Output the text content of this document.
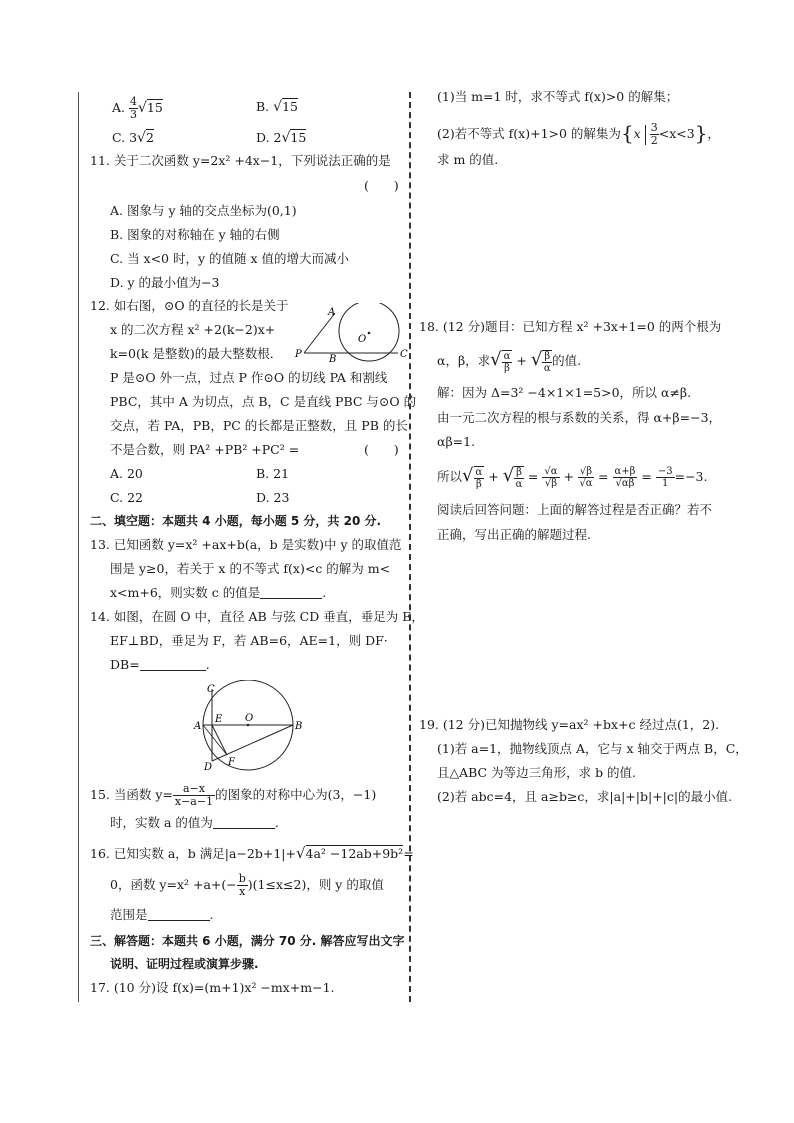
A. $\frac{4}{3} √15$	B. √15
C. 3√2	D. 2√15
11. 关于二次函数 y=2x² +4x−1，下列说法正确的是
(　　)
A. 图象与 y 轴的交点坐标为(0,1)
B. 图象的对称轴在 y 轴的右侧
C. 当 x<0 时，y 的值随 x 值的增大而减小
D. y 的最小值为−3
12. 如右图，⊙O 的直径的长是关于
x 的二次方程 x² +2(k−2)x+
k=0(k 是整数)的最大整数根．
P 是⊙O 外一点，过点 P 作⊙O 的切线 PA 和割线
PBC，其中 A 为切点，点 B，C 是直线 PBC 与⊙O 的
交点，若 PA，PB，PC 的长都是正整数，且 PB 的长
不是合数，则 PA² +PB² +PC² =	(　　)
A. 20	B. 21
C. 22	D. 23
A
O
P	B	C
二、填空题：本题共 4 小题，每小题 5 分，共 20 分.
13. 已知函数 y=x² +ax+b(a，b 是实数)中 y 的取值范
围是 y≥0，若关于 x 的不等式 f(x)<c 的解为 m<
x<m+6，则实数 c 的值是	.
14. 如图，在圆 O 中，直径 AB 与弦 CD 垂直，垂足为 E，
EF⊥BD，垂足为 F，若 AB=6，AE=1，则 DF·
DB=	.
C
A
E O
B
D F
15. 当函数 $y= \frac{a-x}{x-a-1}$ 的图象的对称中心为(3，−1)
时，实数 a 的值为	.
16. 已知实数 a，b 满足|a−2b+1|+√4a² −12ab+9b²=
0，函数 $y=x^2 +a+(- \frac{b}{x} )(1\le x\le 2)$，则 y 的取值
范围是	.
三、解答题：本题共 6 小题，满分 70 分. 解答应写出文字
说明、证明过程或演算步骤.
17. (10 分)设 f(x)=(m+1)x² −mx+m−1.
(1)当 m=1 时，求不等式 f(x)>0 的解集；
(2)若不等式 f(x)+1>0 的解集为$\{x \frac{3}{2} <x<3\}$，
求 m 的值.
18. (12 分)题目：已知方程 x² +3x+1=0 的两个根为
α，β，求√ $\frac{\alpha}{\beta}$ + √ $\frac{\beta}{\alpha}$ 的值.
解：因为 Δ=3² −4×1×1=5>0，所以 α≠β.
由一元二次方程的根与系数的关系，得 α+β=−3，
αβ=1.
所以√ $\frac{\alpha}{\beta}$ + √ $\frac{\beta}{\alpha} = \frac{√\alpha}{√\beta} + \frac{√\beta}{√\alpha} = \frac{\alpha+\beta}{√\alpha\beta} = \frac{-3}{1} =-3$.
阅读后回答问题：上面的解答过程是否正确？若不
正确，写出正确的解题过程.
19. (12 分)已知抛物线 y=ax² +bx+c 经过点(1，2).
(1)若 a=1，抛物线顶点 A，它与 x 轴交于两点 B，C，
且△ABC 为等边三角形，求 b 的值.
(2)若 abc=4，且 a≥b≥c，求|a|+|b|+|c|的最小值.
